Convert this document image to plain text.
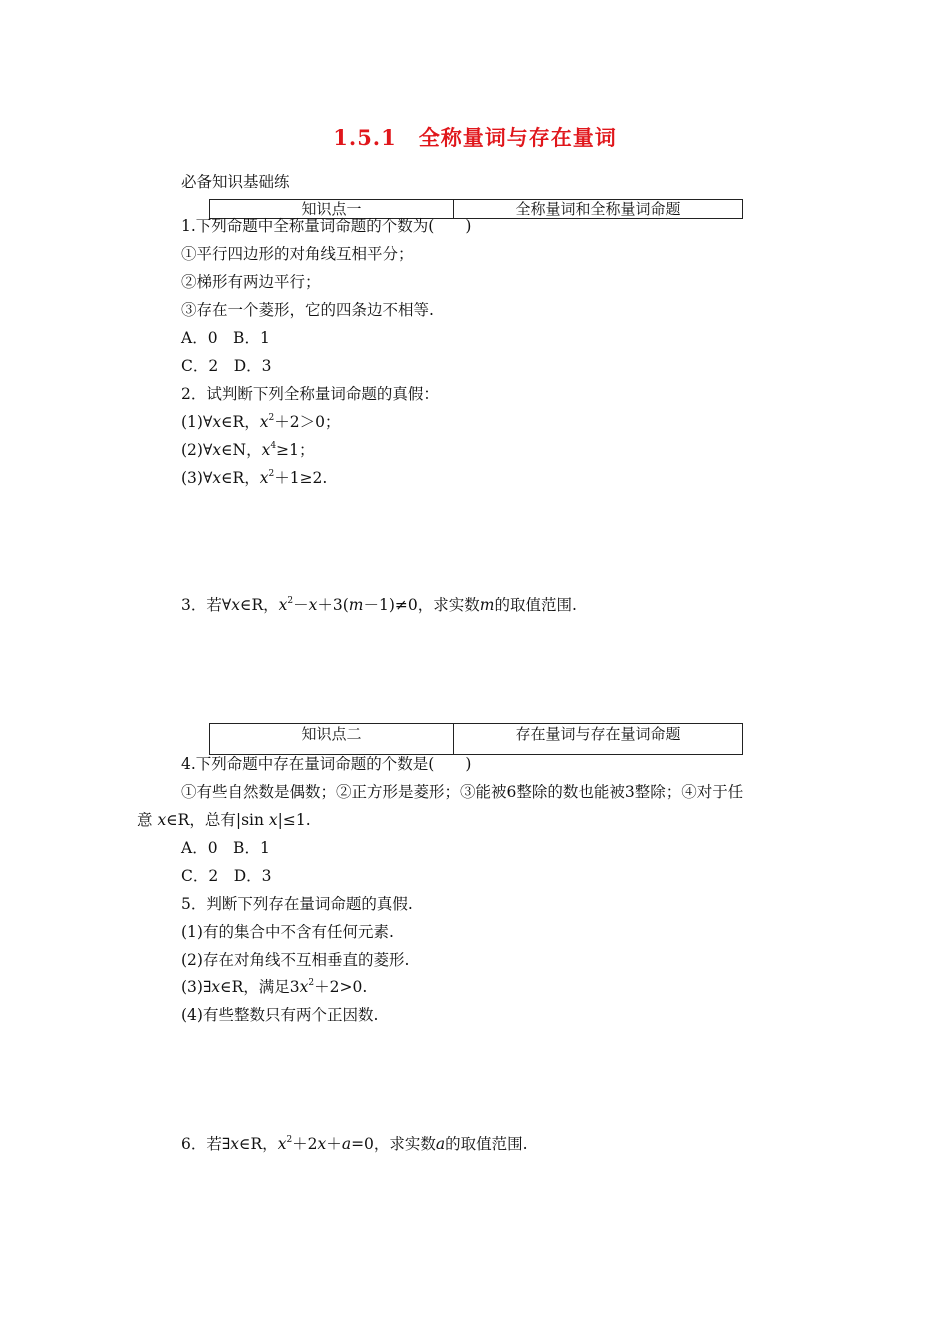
1.5.1　全称量词与存在量词
必备知识基础练
知识点一	全称量词和全称量词命题
1.下列命题中全称量词命题的个数为(　　)
①平行四边形的对角线互相平分；
②梯形有两边平行；
③存在一个菱形，它的四条边不相等.
A．0　B．1
C．2　D．3
2．试判断下列全称量词命题的真假：
(1)∀x∈R，$x^2+2>0$；
(2)∀x∈N，$x^4\ge 1$；
(3)∀x∈R，$x^2+1\ge 2$.
3．若∀x∈R，$x^2-x+3(m-1)\ne 0$，求实数m的取值范围.
知识点二	存在量词与存在量词命题
4.下列命题中存在量词命题的个数是(　　)
①有些自然数是偶数；②正方形是菱形；③能被6整除的数也能被3整除；④对于任
意 x∈R，总有|sin x|≤1.
A．0　B．1
C．2　D．3
5．判断下列存在量词命题的真假.
(1)有的集合中不含有任何元素.
(2)存在对角线不互相垂直的菱形.
(3)∃x∈R，满足$3x^2+2>0$.
(4)有些整数只有两个正因数.
6．若∃x∈R，$x^2+2x+a=0$，求实数a的取值范围.
